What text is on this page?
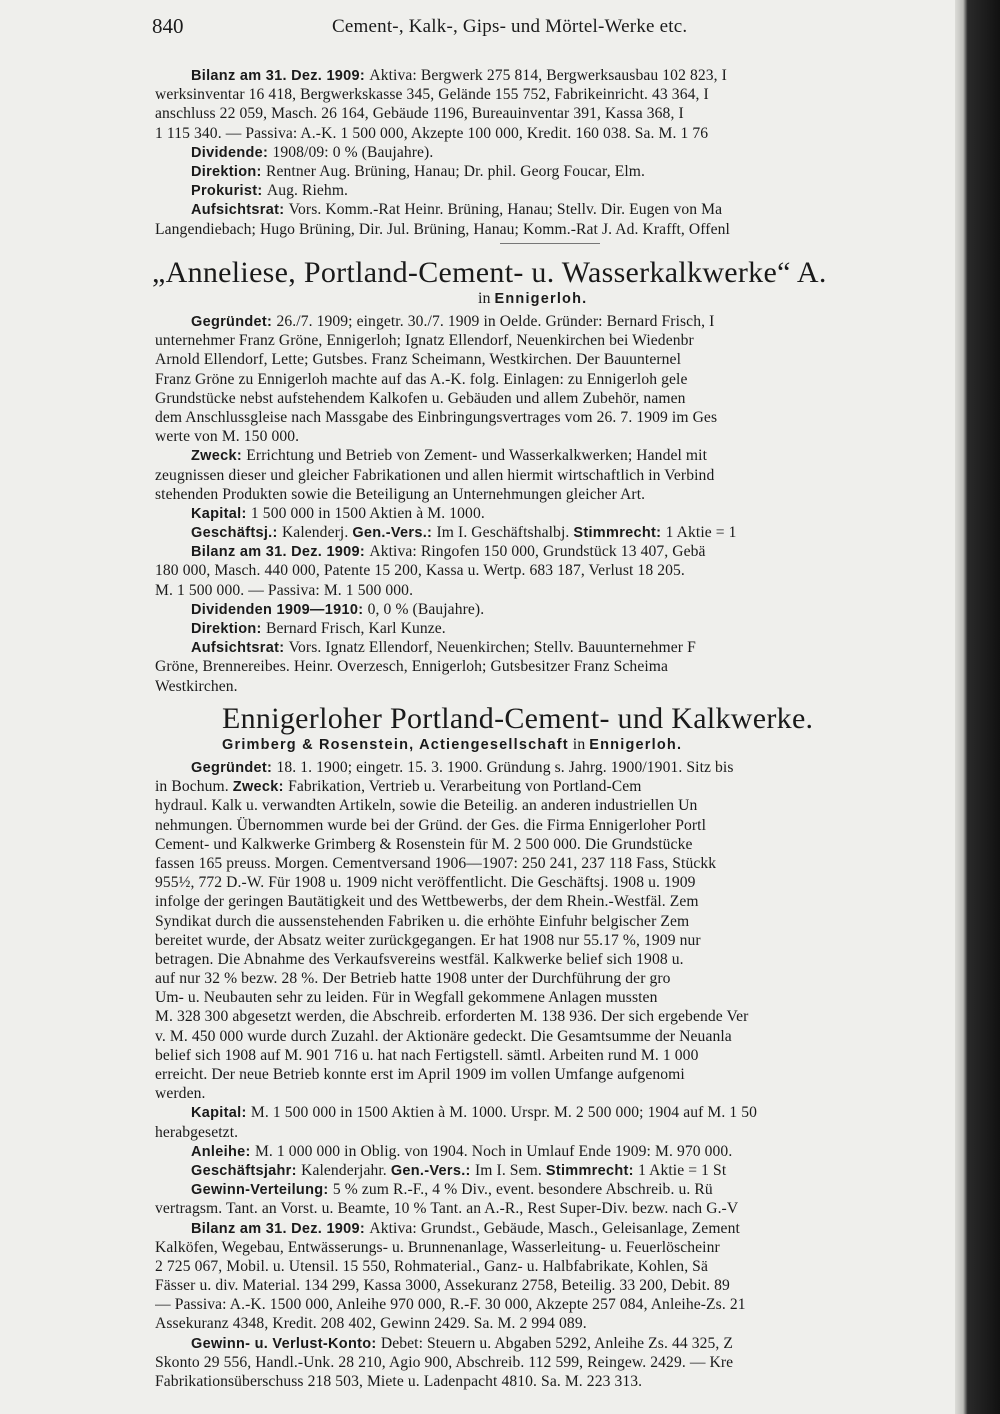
840	Cement-, Kalk-, Gips- und Mörtel-Werke etc.
Bilanz am 31. Dez. 1909: Aktiva: Bergwerk 275 814, Bergwerksausbau 102 823, I
werksinventar 16 418, Bergwerkskasse 345, Gelände 155 752, Fabrikeinricht. 43 364, I
anschluss 22 059, Masch. 26 164, Gebäude 1196, Bureauinventar 391, Kassa 368, I
1 115 340. — Passiva: A.-K. 1 500 000, Akzepte 100 000, Kredit. 160 038. Sa. M. 1 76
Dividende: 1908/09: 0 % (Baujahre).
Direktion: Rentner Aug. Brüning, Hanau; Dr. phil. Georg Foucar, Elm.
Prokurist: Aug. Riehm.
Aufsichtsrat: Vors. Komm.-Rat Heinr. Brüning, Hanau; Stellv. Dir. Eugen von Ma
Langendiebach; Hugo Brüning, Dir. Jul. Brüning, Hanau; Komm.-Rat J. Ad. Krafft, Offenl
„Anneliese, Portland-Cement- u. Wasserkalkwerke“ A.
in Ennigerloh.
Gegründet: 26./7. 1909; eingetr. 30./7. 1909 in Oelde. Gründer: Bernard Frisch, I
unternehmer Franz Gröne, Ennigerloh; Ignatz Ellendorf, Neuenkirchen bei Wiedenbr
Arnold Ellendorf, Lette; Gutsbes. Franz Scheimann, Westkirchen. Der Bauunternel
Franz Gröne zu Ennigerloh machte auf das A.-K. folg. Einlagen: zu Ennigerloh gele
Grundstücke nebst aufstehendem Kalkofen u. Gebäuden und allem Zubehör, namen
dem Anschlussgleise nach Massgabe des Einbringungsvertrages vom 26. 7. 1909 im Ges
werte von M. 150 000.
Zweck: Errichtung und Betrieb von Zement- und Wasserkalkwerken; Handel mit
zeugnissen dieser und gleicher Fabrikationen und allen hiermit wirtschaftlich in Verbind
stehenden Produkten sowie die Beteiligung an Unternehmungen gleicher Art.
Kapital: 1 500 000 in 1500 Aktien à M. 1000.
Geschäftsj.: Kalenderj. Gen.-Vers.: Im I. Geschäftshalbj. Stimmrecht: 1 Aktie = 1
Bilanz am 31. Dez. 1909: Aktiva: Ringofen 150 000, Grundstück 13 407, Gebä
180 000, Masch. 440 000, Patente 15 200, Kassa u. Wertp. 683 187, Verlust 18 205.
M. 1 500 000. — Passiva: M. 1 500 000.
Dividenden 1909—1910: 0, 0 % (Baujahre).
Direktion: Bernard Frisch, Karl Kunze.
Aufsichtsrat: Vors. Ignatz Ellendorf, Neuenkirchen; Stellv. Bauunternehmer F
Gröne, Brennereibes. Heinr. Overzesch, Ennigerloh; Gutsbesitzer Franz Scheima
Westkirchen.
Ennigerloher Portland-Cement- und Kalkwerke.
Grimberg & Rosenstein, Actiengesellschaft in Ennigerloh.
Gegründet: 18. 1. 1900; eingetr. 15. 3. 1900. Gründung s. Jahrg. 1900/1901. Sitz bis
in Bochum. Zweck: Fabrikation, Vertrieb u. Verarbeitung von Portland-Cem
hydraul. Kalk u. verwandten Artikeln, sowie die Beteilig. an anderen industriellen Un
nehmungen. Übernommen wurde bei der Gründ. der Ges. die Firma Ennigerloher Portl
Cement- und Kalkwerke Grimberg & Rosenstein für M. 2 500 000. Die Grundstücke
fassen 165 preuss. Morgen. Cementversand 1906—1907: 250 241, 237 118 Fass, Stückk
955½, 772 D.-W. Für 1908 u. 1909 nicht veröffentlicht. Die Geschäftsj. 1908 u. 1909
infolge der geringen Bautätigkeit und des Wettbewerbs, der dem Rhein.-Westfäl. Zem
Syndikat durch die aussenstehenden Fabriken u. die erhöhte Einfuhr belgischer Zem
bereitet wurde, der Absatz weiter zurückgegangen. Er hat 1908 nur 55.17 %, 1909 nur
betragen. Die Abnahme des Verkaufsvereins westfäl. Kalkwerke belief sich 1908 u.
auf nur 32 % bezw. 28 %. Der Betrieb hatte 1908 unter der Durchführung der gro
Um- u. Neubauten sehr zu leiden. Für in Wegfall gekommene Anlagen mussten
M. 328 300 abgesetzt werden, die Abschreib. erforderten M. 138 936. Der sich ergebende Ver
v. M. 450 000 wurde durch Zuzahl. der Aktionäre gedeckt. Die Gesamtsumme der Neuanla
belief sich 1908 auf M. 901 716 u. hat nach Fertigstell. sämtl. Arbeiten rund M. 1 000
erreicht. Der neue Betrieb konnte erst im April 1909 im vollen Umfange aufgenomi
werden.
Kapital: M. 1 500 000 in 1500 Aktien à M. 1000. Urspr. M. 2 500 000; 1904 auf M. 1 50
herabgesetzt.
Anleihe: M. 1 000 000 in Oblig. von 1904. Noch in Umlauf Ende 1909: M. 970 000.
Geschäftsjahr: Kalenderjahr. Gen.-Vers.: Im I. Sem. Stimmrecht: 1 Aktie = 1 St
Gewinn-Verteilung: 5 % zum R.-F., 4 % Div., event. besondere Abschreib. u. Rü
vertragsm. Tant. an Vorst. u. Beamte, 10 % Tant. an A.-R., Rest Super-Div. bezw. nach G.-V
Bilanz am 31. Dez. 1909: Aktiva: Grundst., Gebäude, Masch., Geleisanlage, Zement
Kalköfen, Wegebau, Entwässerungs- u. Brunnenanlage, Wasserleitung- u. Feuerlöscheinr
2 725 067, Mobil. u. Utensil. 15 550, Rohmaterial., Ganz- u. Halbfabrikate, Kohlen, Sä
Fässer u. div. Material. 134 299, Kassa 3000, Assekuranz 2758, Beteilig. 33 200, Debit. 89
— Passiva: A.-K. 1500 000, Anleihe 970 000, R.-F. 30 000, Akzepte 257 084, Anleihe-Zs. 21
Assekuranz 4348, Kredit. 208 402, Gewinn 2429. Sa. M. 2 994 089.
Gewinn- u. Verlust-Konto: Debet: Steuern u. Abgaben 5292, Anleihe Zs. 44 325, Z
Skonto 29 556, Handl.-Unk. 28 210, Agio 900, Abschreib. 112 599, Reingew. 2429. — Kre
Fabrikationsüberschuss 218 503, Miete u. Ladenpacht 4810. Sa. M. 223 313.
